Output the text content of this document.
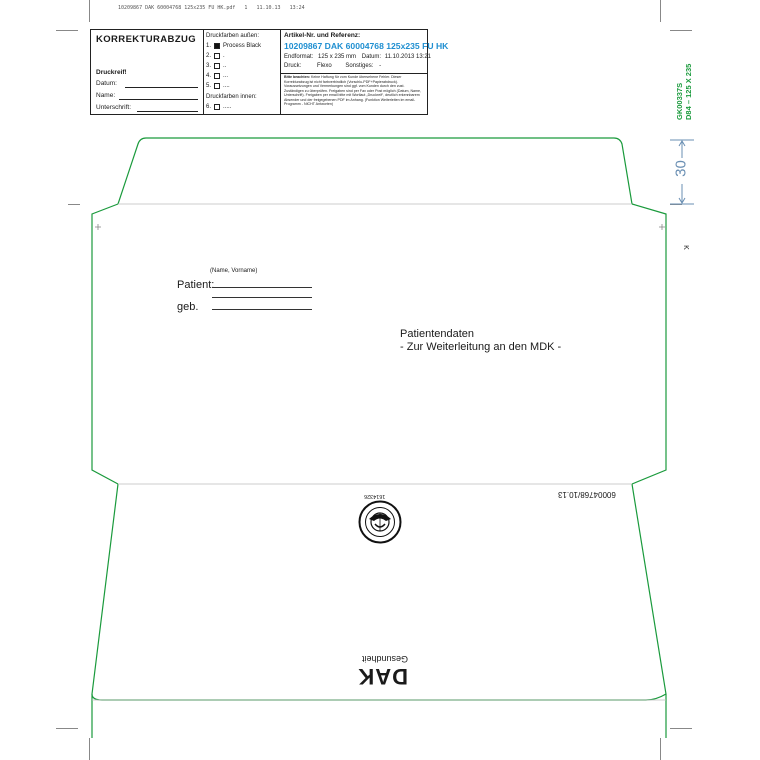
10209867 DAK 60004768 125x235 FU HK.pdf   1   11.10.13   13:24
KORREKTURABZUG
Druckreif!
Datum:
Name:
Unterschrift:
Druckfarben außen:
1. Process Black
2. .
3. ..
4. ...
5. ....
Druckfarben innen:
6. .....
Artikel-Nr. und Referenz:
10209867 DAK 60004768 125x235 FU HK
Endformat: 125 x 235 mm Datum: 11.10.2013 13:21
Druck:	Flexo Sonstiges: -
Bitte beachten: Keine Haftung für vom Kunde übersehene Fehler. Dieser Korrekturabzug ist nicht farbverbindlich (Vorschlu-PDF+Papierabdruck). Voraussetzungen und Vermerkungen sind ggf. vom Kunden durch den zust. Zuständigen zu überprüfen. Freigaben sind per Fax oder Post möglich (Datum, Name, Unterschrift). Freigaben per email bitte mit Wortlaut „Druckreif“, deutlich erkennbarem Absender und der freigegebenen PDF im Anhang. (Funktion Weiterleiten im email-Programm - NICHT Antworten)	GK00337S D84 – 125 X 235
30
K
(Name, Vorname)
Patient:
geb.
Patientendaten
- Zur Weiterleitung an den MDK -
60004768/10.13
1614326
DAK
Gesundheit
